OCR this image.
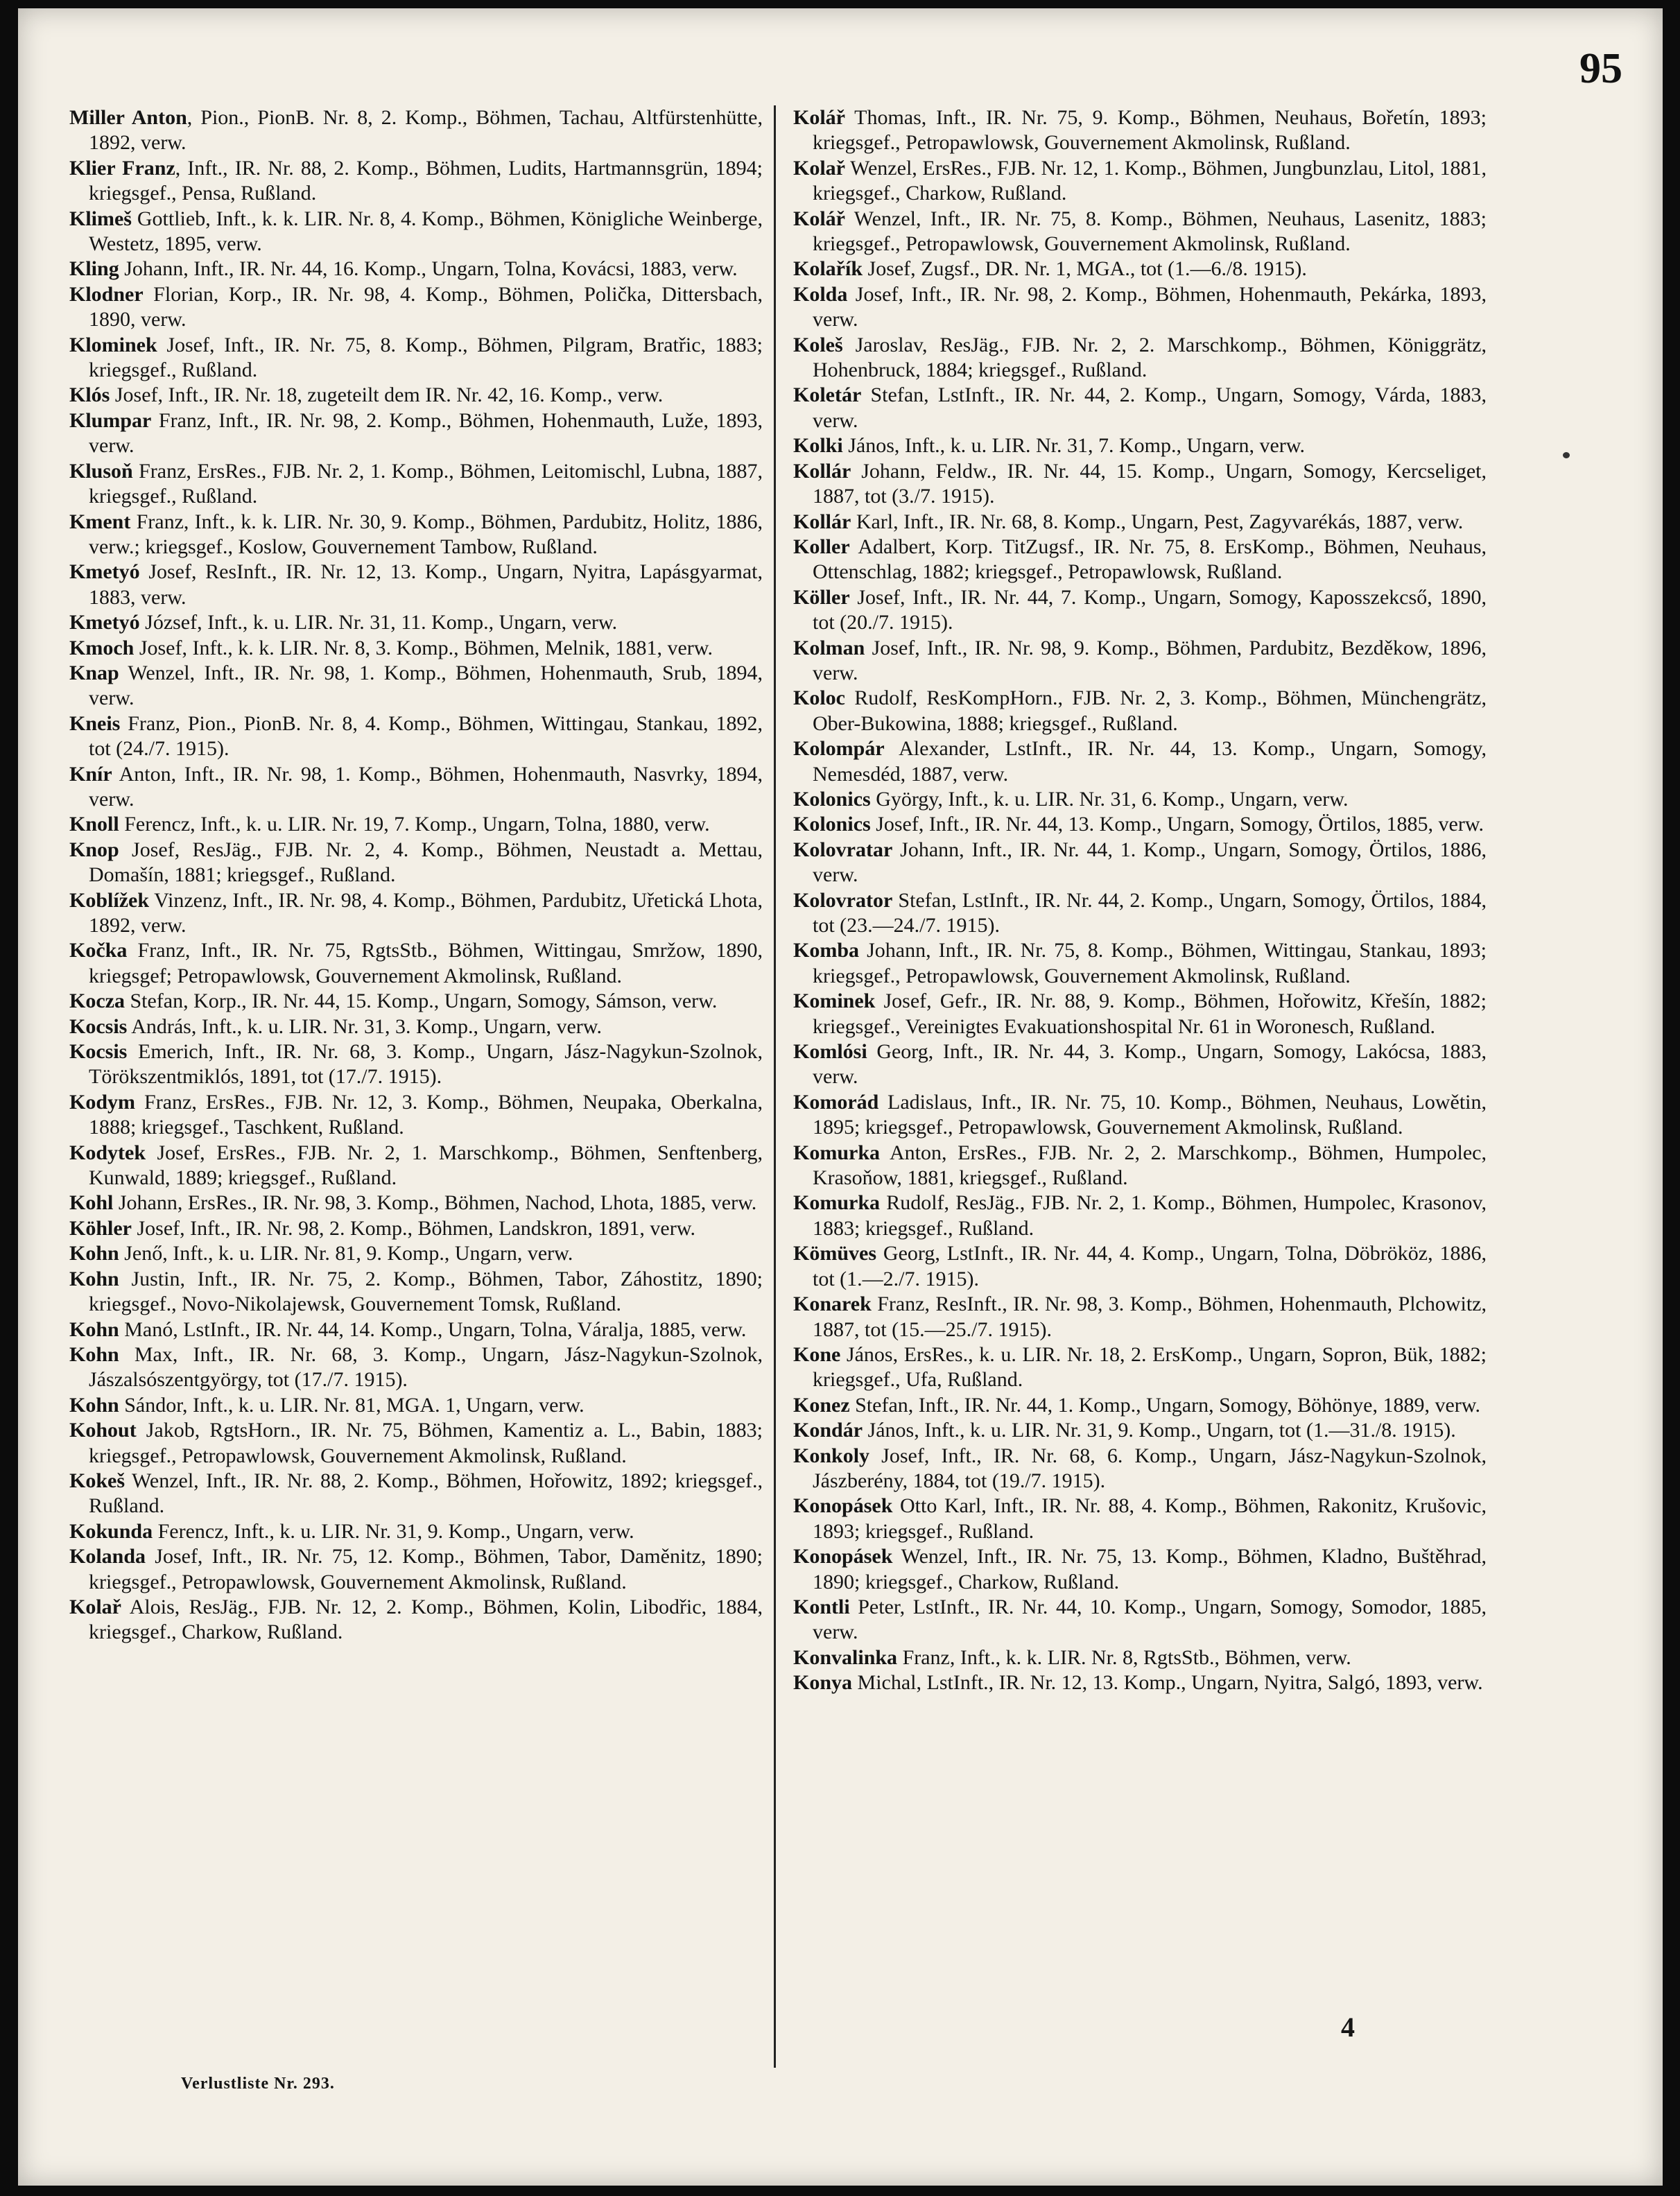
95

Miller Anton, Pion., PionB. Nr. 8, 2. Komp., Böhmen, Tachau, Altfürstenhütte, 1892, verw.

Klier Franz, Inft., IR. Nr. 88, 2. Komp., Böhmen, Ludits, Hartmannsgrün, 1894; kriegsgef., Pensa, Rußland.

Klimeš Gottlieb, Inft., k. k. LIR. Nr. 8, 4. Komp., Böhmen, Königliche Weinberge, Westetz, 1895, verw.

Kling Johann, Inft., IR. Nr. 44, 16. Komp., Ungarn, Tolna, Kovácsi, 1883, verw.

Klodner Florian, Korp., IR. Nr. 98, 4. Komp., Böhmen, Polička, Dittersbach, 1890, verw.

Klominek Josef, Inft., IR. Nr. 75, 8. Komp., Böhmen, Pilgram, Bratřic, 1883; kriegsgef., Rußland.

Klós Josef, Inft., IR. Nr. 18, zugeteilt dem IR. Nr. 42, 16. Komp., verw.

Klumpar Franz, Inft., IR. Nr. 98, 2. Komp., Böhmen, Hohenmauth, Luže, 1893, verw.

Klusoň Franz, ErsRes., FJB. Nr. 2, 1. Komp., Böhmen, Leitomischl, Lubna, 1887, kriegsgef., Rußland.

Kment Franz, Inft., k. k. LIR. Nr. 30, 9. Komp., Böhmen, Pardubitz, Holitz, 1886, verw.; kriegsgef., Koslow, Gouvernement Tambow, Rußland.

Kmetyó Josef, ResInft., IR. Nr. 12, 13. Komp., Ungarn, Nyitra, Lapásgyarmat, 1883, verw.

Kmetyó József, Inft., k. u. LIR. Nr. 31, 11. Komp., Ungarn, verw.

Kmoch Josef, Inft., k. k. LIR. Nr. 8, 3. Komp., Böhmen, Melnik, 1881, verw.

Knap Wenzel, Inft., IR. Nr. 98, 1. Komp., Böhmen, Hohenmauth, Srub, 1894, verw.

Kneis Franz, Pion., PionB. Nr. 8, 4. Komp., Böhmen, Wittingau, Stankau, 1892, tot (24./7. 1915).

Knír Anton, Inft., IR. Nr. 98, 1. Komp., Böhmen, Hohenmauth, Nasvrky, 1894, verw.

Knoll Ferencz, Inft., k. u. LIR. Nr. 19, 7. Komp., Ungarn, Tolna, 1880, verw.

Knop Josef, ResJäg., FJB. Nr. 2, 4. Komp., Böhmen, Neustadt a. Mettau, Domašín, 1881; kriegsgef., Rußland.

Koblížek Vinzenz, Inft., IR. Nr. 98, 4. Komp., Böhmen, Pardubitz, Uřetická Lhota, 1892, verw.

Kočka Franz, Inft., IR. Nr. 75, RgtsStb., Böhmen, Wittingau, Smržow, 1890, kriegsgef; Petropawlowsk, Gouvernement Akmolinsk, Rußland.

Kocza Stefan, Korp., IR. Nr. 44, 15. Komp., Ungarn, Somogy, Sámson, verw.

Kocsis András, Inft., k. u. LIR. Nr. 31, 3. Komp., Ungarn, verw.

Kocsis Emerich, Inft., IR. Nr. 68, 3. Komp., Ungarn, Jász-Nagykun-Szolnok, Törökszentmiklós, 1891, tot (17./7. 1915).

Kodym Franz, ErsRes., FJB. Nr. 12, 3. Komp., Böhmen, Neupaka, Oberkalna, 1888; kriegsgef., Taschkent, Rußland.

Kodytek Josef, ErsRes., FJB. Nr. 2, 1. Marschkomp., Böhmen, Senftenberg, Kunwald, 1889; kriegsgef., Rußland.

Kohl Johann, ErsRes., IR. Nr. 98, 3. Komp., Böhmen, Nachod, Lhota, 1885, verw.

Köhler Josef, Inft., IR. Nr. 98, 2. Komp., Böhmen, Landskron, 1891, verw.

Kohn Jenő, Inft., k. u. LIR. Nr. 81, 9. Komp., Ungarn, verw.

Kohn Justin, Inft., IR. Nr. 75, 2. Komp., Böhmen, Tabor, Záhostitz, 1890; kriegsgef., Novo-Nikolajewsk, Gouvernement Tomsk, Rußland.

Kohn Manó, LstInft., IR. Nr. 44, 14. Komp., Ungarn, Tolna, Váralja, 1885, verw.

Kohn Max, Inft., IR. Nr. 68, 3. Komp., Ungarn, Jász-Nagykun-Szolnok, Jászalsószentgyörgy, tot (17./7. 1915).

Kohn Sándor, Inft., k. u. LIR. Nr. 81, MGA. 1, Ungarn, verw.

Kohout Jakob, RgtsHorn., IR. Nr. 75, Böhmen, Kamentiz a. L., Babin, 1883; kriegsgef., Petropawlowsk, Gouvernement Akmolinsk, Rußland.

Kokeš Wenzel, Inft., IR. Nr. 88, 2. Komp., Böhmen, Hořowitz, 1892; kriegsgef., Rußland.

Kokunda Ferencz, Inft., k. u. LIR. Nr. 31, 9. Komp., Ungarn, verw.

Kolanda Josef, Inft., IR. Nr. 75, 12. Komp., Böhmen, Tabor, Daměnitz, 1890; kriegsgef., Petropawlowsk, Gouvernement Akmolinsk, Rußland.

Kolař Alois, ResJäg., FJB. Nr. 12, 2. Komp., Böhmen, Kolin, Libodřic, 1884, kriegsgef., Charkow, Rußland.

Kolář Thomas, Inft., IR. Nr. 75, 9. Komp., Böhmen, Neuhaus, Bořetín, 1893; kriegsgef., Petropawlowsk, Gouvernement Akmolinsk, Rußland.

Kolař Wenzel, ErsRes., FJB. Nr. 12, 1. Komp., Böhmen, Jungbunzlau, Litol, 1881, kriegsgef., Charkow, Rußland.

Kolář Wenzel, Inft., IR. Nr. 75, 8. Komp., Böhmen, Neuhaus, Lasenitz, 1883; kriegsgef., Petropawlowsk, Gouvernement Akmolinsk, Rußland.

Kolařík Josef, Zugsf., DR. Nr. 1, MGA., tot (1.—6./8. 1915).

Kolda Josef, Inft., IR. Nr. 98, 2. Komp., Böhmen, Hohenmauth, Pekárka, 1893, verw.

Koleš Jaroslav, ResJäg., FJB. Nr. 2, 2. Marschkomp., Böhmen, Königgrätz, Hohenbruck, 1884; kriegsgef., Rußland.

Koletár Stefan, LstInft., IR. Nr. 44, 2. Komp., Ungarn, Somogy, Várda, 1883, verw.

Kolki János, Inft., k. u. LIR. Nr. 31, 7. Komp., Ungarn, verw.

Kollár Johann, Feldw., IR. Nr. 44, 15. Komp., Ungarn, Somogy, Kercseliget, 1887, tot (3./7. 1915).

Kollár Karl, Inft., IR. Nr. 68, 8. Komp., Ungarn, Pest, Zagyvarékás, 1887, verw.

Koller Adalbert, Korp. TitZugsf., IR. Nr. 75, 8. ErsKomp., Böhmen, Neuhaus, Ottenschlag, 1882; kriegsgef., Petropawlowsk, Rußland.

Köller Josef, Inft., IR. Nr. 44, 7. Komp., Ungarn, Somogy, Kaposszekcső, 1890, tot (20./7. 1915).

Kolman Josef, Inft., IR. Nr. 98, 9. Komp., Böhmen, Pardubitz, Bezděkow, 1896, verw.

Koloc Rudolf, ResKompHorn., FJB. Nr. 2, 3. Komp., Böhmen, Münchengrätz, Ober-Bukowina, 1888; kriegsgef., Rußland.

Kolompár Alexander, LstInft., IR. Nr. 44, 13. Komp., Ungarn, Somogy, Nemesdéd, 1887, verw.

Kolonics György, Inft., k. u. LIR. Nr. 31, 6. Komp., Ungarn, verw.

Kolonics Josef, Inft., IR. Nr. 44, 13. Komp., Ungarn, Somogy, Örtilos, 1885, verw.

Kolovratar Johann, Inft., IR. Nr. 44, 1. Komp., Ungarn, Somogy, Örtilos, 1886, verw.

Kolovrator Stefan, LstInft., IR. Nr. 44, 2. Komp., Ungarn, Somogy, Örtilos, 1884, tot (23.—24./7. 1915).

Komba Johann, Inft., IR. Nr. 75, 8. Komp., Böhmen, Wittingau, Stankau, 1893; kriegsgef., Petropawlowsk, Gouvernement Akmolinsk, Rußland.

Kominek Josef, Gefr., IR. Nr. 88, 9. Komp., Böhmen, Hořowitz, Křešín, 1882; kriegsgef., Vereinigtes Evakuationshospital Nr. 61 in Woronesch, Rußland.

Komlósi Georg, Inft., IR. Nr. 44, 3. Komp., Ungarn, Somogy, Lakócsa, 1883, verw.

Komorád Ladislaus, Inft., IR. Nr. 75, 10. Komp., Böhmen, Neuhaus, Lowětin, 1895; kriegsgef., Petropawlowsk, Gouvernement Akmolinsk, Rußland.

Komurka Anton, ErsRes., FJB. Nr. 2, 2. Marschkomp., Böhmen, Humpolec, Krasoňow, 1881, kriegsgef., Rußland.

Komurka Rudolf, ResJäg., FJB. Nr. 2, 1. Komp., Böhmen, Humpolec, Krasonov, 1883; kriegsgef., Rußland.

Kömüves Georg, LstInft., IR. Nr. 44, 4. Komp., Ungarn, Tolna, Döbrököz, 1886, tot (1.—2./7. 1915).

Konarek Franz, ResInft., IR. Nr. 98, 3. Komp., Böhmen, Hohenmauth, Plchowitz, 1887, tot (15.—25./7. 1915).

Kone János, ErsRes., k. u. LIR. Nr. 18, 2. ErsKomp., Ungarn, Sopron, Bük, 1882; kriegsgef., Ufa, Rußland.

Konez Stefan, Inft., IR. Nr. 44, 1. Komp., Ungarn, Somogy, Böhönye, 1889, verw.

Kondár János, Inft., k. u. LIR. Nr. 31, 9. Komp., Ungarn, tot (1.—31./8. 1915).

Konkoly Josef, Inft., IR. Nr. 68, 6. Komp., Ungarn, Jász-Nagykun-Szolnok, Jászberény, 1884, tot (19./7. 1915).

Konopásek Otto Karl, Inft., IR. Nr. 88, 4. Komp., Böhmen, Rakonitz, Krušovic, 1893; kriegsgef., Rußland.

Konopásek Wenzel, Inft., IR. Nr. 75, 13. Komp., Böhmen, Kladno, Buštěhrad, 1890; kriegsgef., Charkow, Rußland.

Kontli Peter, LstInft., IR. Nr. 44, 10. Komp., Ungarn, Somogy, Somodor, 1885, verw.

Konvalinka Franz, Inft., k. k. LIR. Nr. 8, RgtsStb., Böhmen, verw.

Konya Michal, LstInft., IR. Nr. 12, 13. Komp., Ungarn, Nyitra, Salgó, 1893, verw.

Verlustliste Nr. 293.
4
